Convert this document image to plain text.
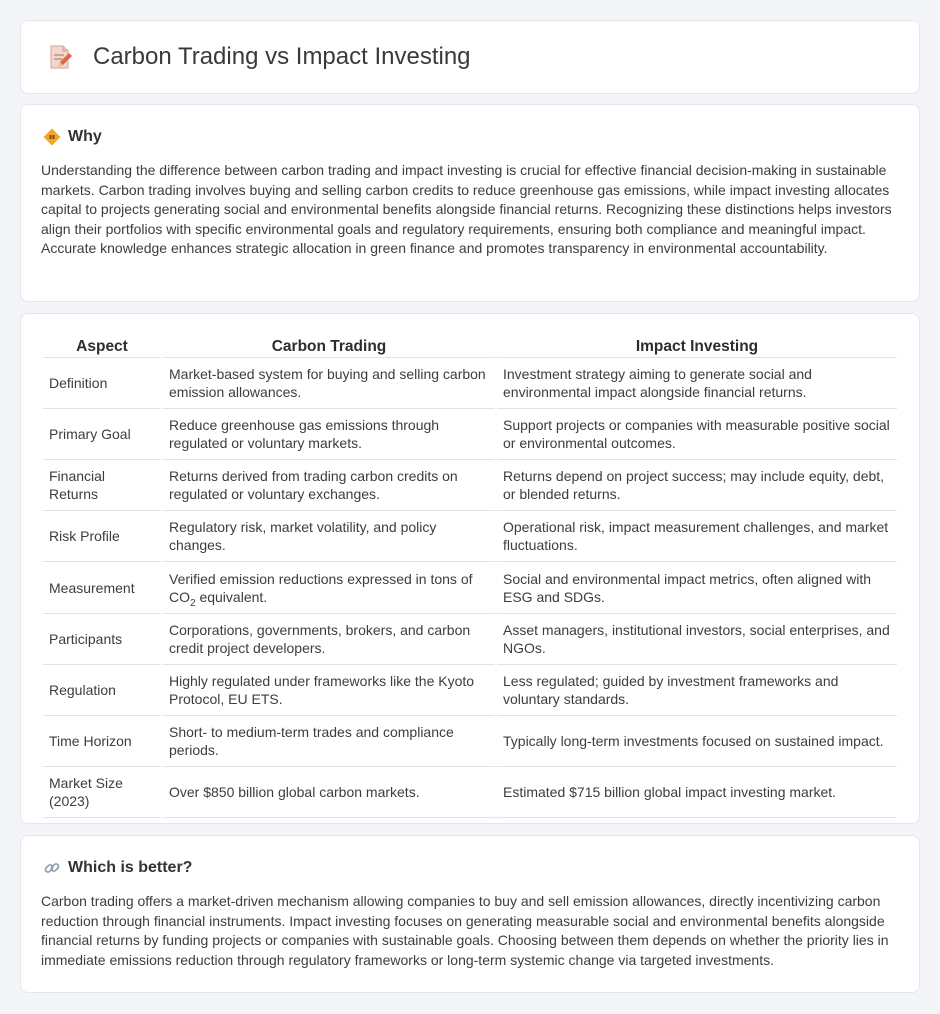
Carbon Trading vs Impact Investing
Why

Understanding the difference between carbon trading and impact investing is crucial for effective financial decision-making in sustainable markets. Carbon trading involves buying and selling carbon credits to reduce greenhouse gas emissions, while impact investing allocates capital to projects generating social and environmental benefits alongside financial returns. Recognizing these distinctions helps investors align their portfolios with specific environmental goals and regulatory requirements, ensuring both compliance and meaningful impact. Accurate knowledge enhances strategic allocation in green finance and promotes transparency in environmental accountability.

Aspect	Carbon Trading	Impact Investing
Definition	Market-based system for buying and selling carbon emission allowances.	Investment strategy aiming to generate social and environmental impact alongside financial returns.
Primary Goal	Reduce greenhouse gas emissions through regulated or voluntary markets.	Support projects or companies with measurable positive social or environmental outcomes.
Financial Returns	Returns derived from trading carbon credits on regulated or voluntary exchanges.	Returns depend on project success; may include equity, debt, or blended returns.
Risk Profile	Regulatory risk, market volatility, and policy changes.	Operational risk, impact measurement challenges, and market fluctuations.
Measurement	Verified emission reductions expressed in tons of $CO_2$ equivalent.	Social and environmental impact metrics, often aligned with ESG and SDGs.
Participants	Corporations, governments, brokers, and carbon credit project developers.	Asset managers, institutional investors, social enterprises, and NGOs.
Regulation	Highly regulated under frameworks like the Kyoto Protocol, EU ETS.	Less regulated; guided by investment frameworks and voluntary standards.
Time Horizon	Short- to medium-term trades and compliance periods.	Typically long-term investments focused on sustained impact.
Market Size (2023)	Over $850 billion global carbon markets.	Estimated $715 billion global impact investing market.
Which is better?

Carbon trading offers a market-driven mechanism allowing companies to buy and sell emission allowances, directly incentivizing carbon reduction through financial instruments. Impact investing focuses on generating measurable social and environmental benefits alongside financial returns by funding projects or companies with sustainable goals. Choosing between them depends on whether the priority lies in immediate emissions reduction through regulatory frameworks or long-term systemic change via targeted investments.
